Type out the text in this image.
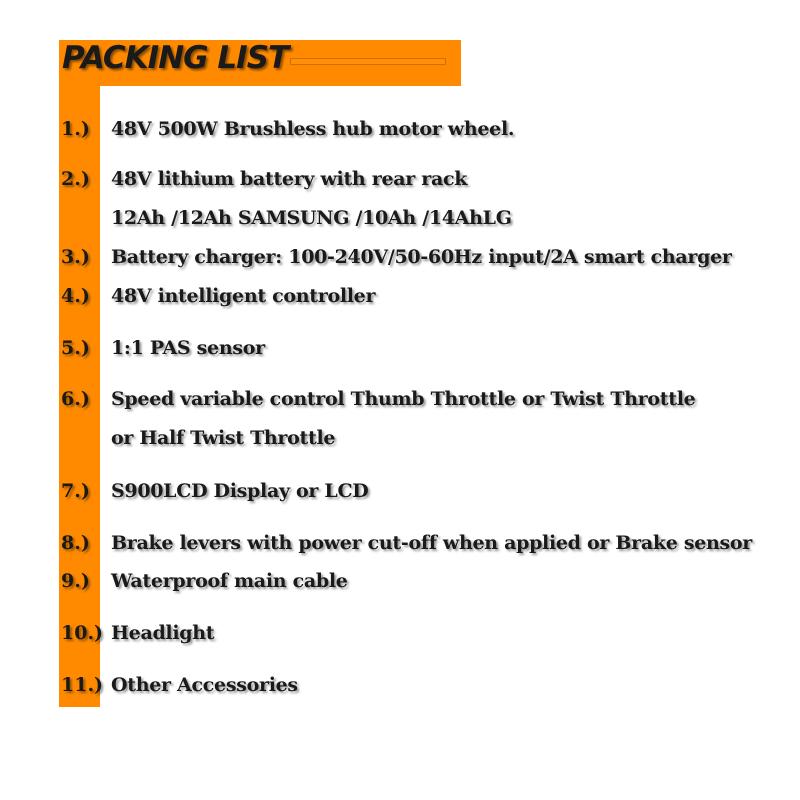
PACKING LIST
1.) 48V 500W Brushless hub motor wheel.
2.) 48V lithium battery with rear rack
12Ah /12Ah SAMSUNG /10Ah /14AhLG
3.) Battery charger: 100-240V/50-60Hz input/2A smart charger
4.) 48V intelligent controller
5.) 1:1 PAS sensor
6.) Speed variable control Thumb Throttle or Twist Throttle
or Half Twist Throttle
7.) S900LCD Display or LCD
8.) Brake levers with power cut-off when applied or Brake sensor
9.) Waterproof main cable
10.) Headlight
11.) Other Accessories
